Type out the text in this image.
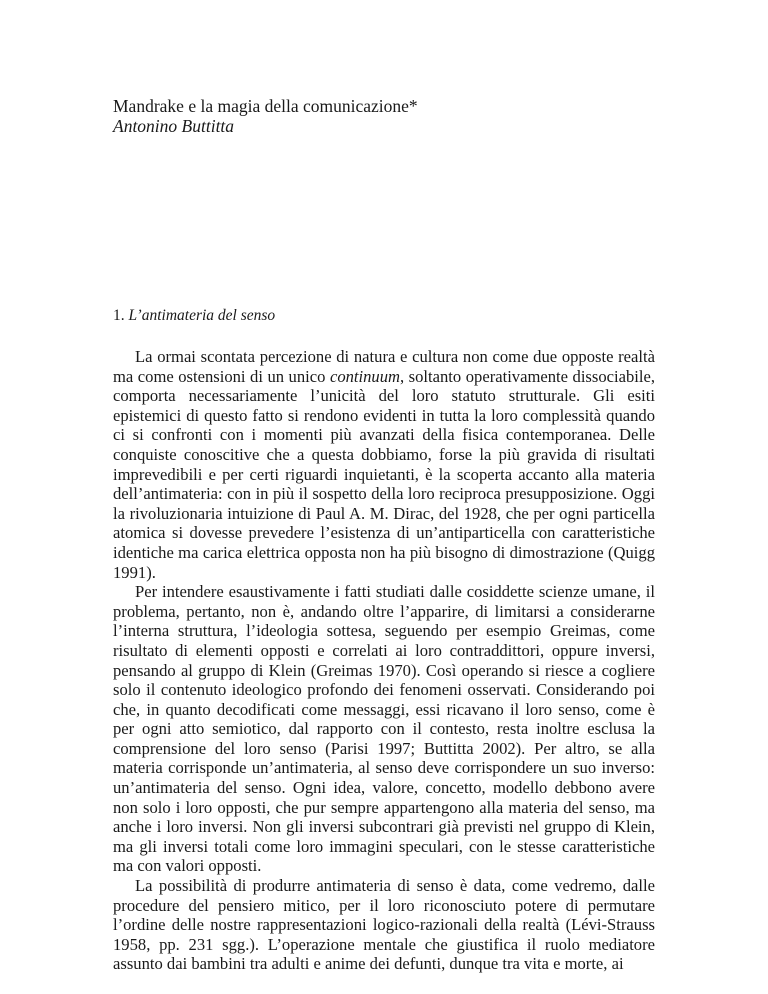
Mandrake e la magia della comunicazione*
Antonino Buttitta
1. L’antimateria del senso

La ormai scontata percezione di natura e cultura non come due opposte realtà ma come ostensioni di un unico continuum, soltanto operativamente dissociabile, comporta necessariamente l’unicità del loro statuto strutturale. Gli esiti epistemici di questo fatto si rendono evidenti in tutta la loro complessità quando ci si confronti con i momenti più avanzati della fisica contemporanea. Delle conquiste conoscitive che a questa dobbiamo, forse la più gravida di risultati imprevedibili e per certi riguardi inquietanti, è la scoperta accanto alla materia dell’antimateria: con in più il sospetto della loro reciproca presupposizione. Oggi la rivoluzionaria intuizione di Paul A. M. Dirac, del 1928, che per ogni particella atomica si dovesse prevedere l’esistenza di un’antiparticella con caratteristiche identiche ma carica elettrica opposta non ha più bisogno di dimostrazione (Quigg 1991).

Per intendere esaustivamente i fatti studiati dalle cosiddette scienze umane, il problema, pertanto, non è, andando oltre l’apparire, di limitarsi a considerarne l’interna struttura, l’ideologia sottesa, seguendo per esempio Greimas, come risultato di elementi opposti e correlati ai loro contraddittori, oppure inversi, pensando al gruppo di Klein (Greimas 1970). Così operando si riesce a cogliere solo il contenuto ideologico profondo dei fenomeni osservati. Considerando poi che, in quanto decodificati come messaggi, essi ricavano il loro senso, come è per ogni atto semiotico, dal rapporto con il contesto, resta inoltre esclusa la comprensione del loro senso (Parisi 1997; Buttitta 2002). Per altro, se alla materia corrisponde un’antimateria, al senso deve corrispondere un suo inverso: un’antimateria del senso. Ogni idea, valore, concetto, modello debbono avere non solo i loro opposti, che pur sempre appartengono alla materia del senso, ma anche i loro inversi. Non gli inversi subcontrari già previsti nel gruppo di Klein, ma gli inversi totali come loro immagini speculari, con le stesse caratteristiche ma con valori opposti.

La possibilità di produrre antimateria di senso è data, come vedremo, dalle procedure del pensiero mitico, per il loro riconosciuto potere di permutare l’ordine delle nostre rappresentazioni logico-razionali della realtà (Lévi-Strauss 1958, pp. 231 sgg.). L’operazione mentale che giustifica il ruolo mediatore assunto dai bambini tra adulti e anime dei defunti, dunque tra vita e morte, ai
